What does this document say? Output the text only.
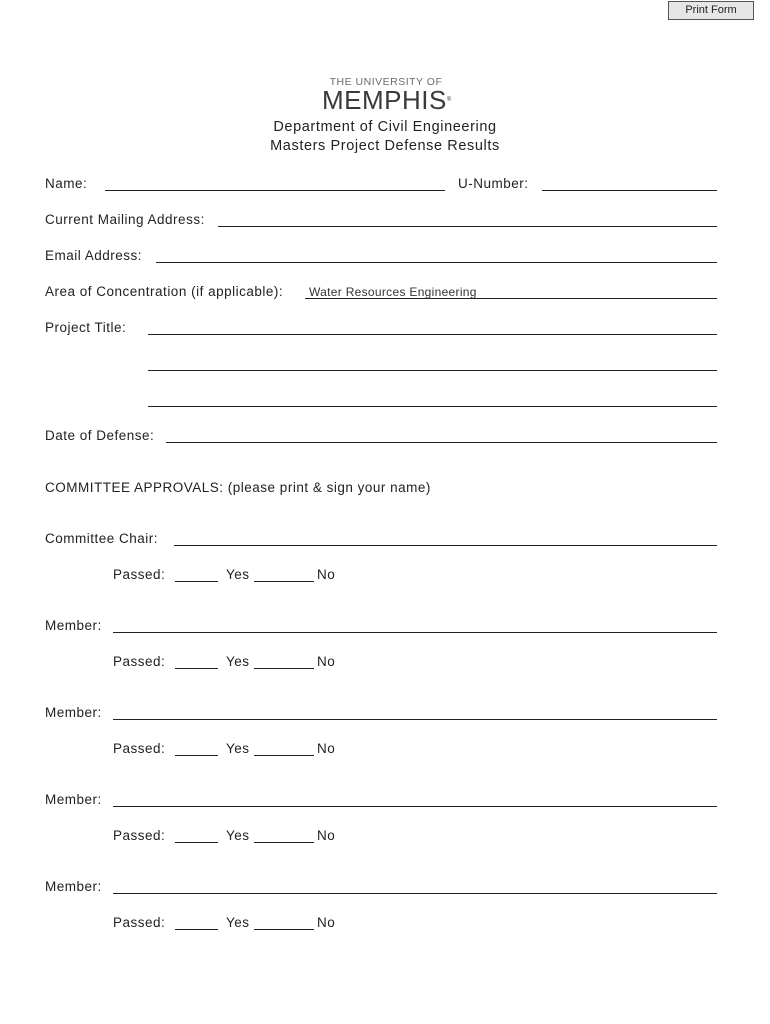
Print Form
THE UNIVERSITY OF
MEMPHIS®
Department of Civil Engineering
Masters Project Defense Results
Name:	U-Number:
Current Mailing Address:
Email Address:
Area of Concentration (if applicable): Water Resources Engineering
Project Title:
Date of Defense:
COMMITTEE APPROVALS: (please print & sign your name)
Committee Chair:
Passed:	Yes	No
Member:
Passed:	Yes	No
Member:
Passed:	Yes	No
Member:
Passed:	Yes	No
Member:
Passed:	Yes	No
